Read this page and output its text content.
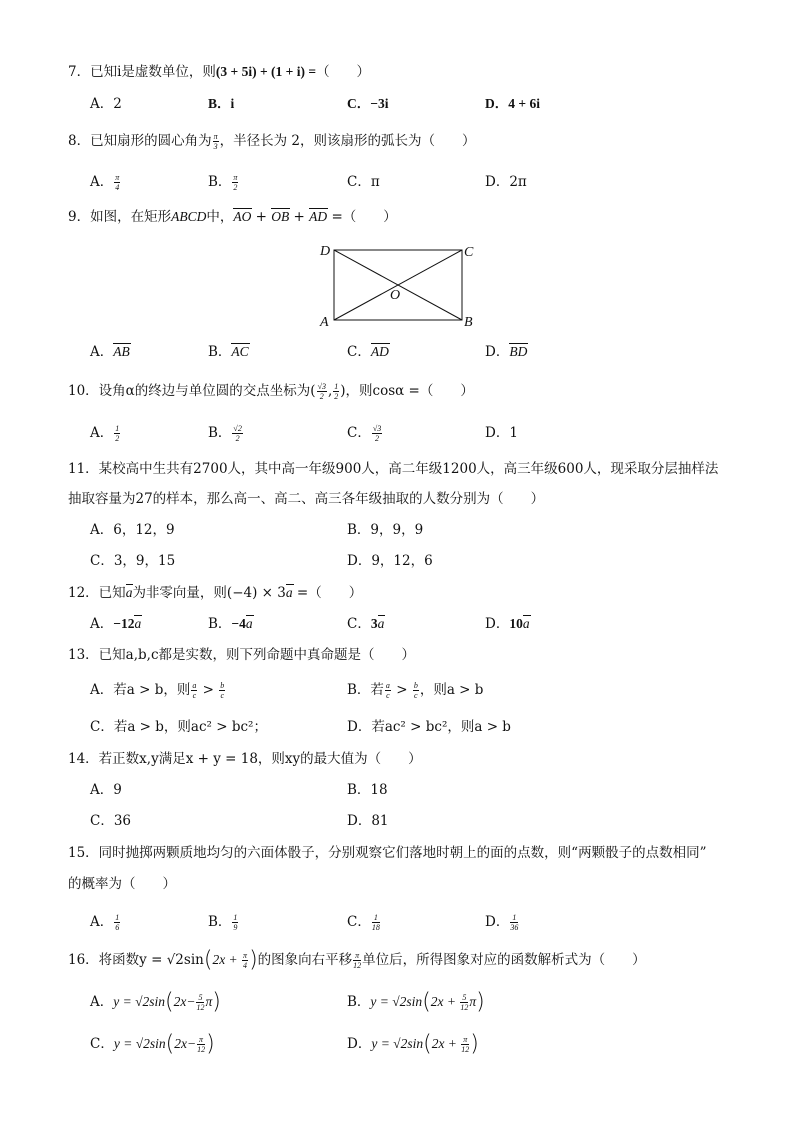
7．已知i是虚数单位，则(3 + 5i) + (1 + i) =（　　）
A．2	B．i	C．−3i	D．4 + 6i
8．已知扇形的圆心角为 $\frac{\pi}{3}$ ，半径长为 2，则该扇形的弧长为（　　）
A． $\frac{\pi}{4}$	B． $\frac{\pi}{2}$	C．π	D．2π
9．如图，在矩形ABCD中，AO + OB + AD =（　　）
D	C
O
A	B
A．AB	B．AC	C．AD	D．BD
10．设角α的终边与单位圆的交点坐标为( $\frac{√3}{2}$ , $\frac{1}{2}$ )，则cosα =（　　）
A． $\frac{1}{2}$	B． $\frac{√2}{2}$	C． $\frac{√3}{2}$	D．1
11．某校高中生共有2700人，其中高一年级900人，高二年级1200人，高三年级600人，现采取分层抽样法
抽取容量为27的样本，那么高一、高二、高三各年级抽取的人数分别为（　　）
A．6，12，9	B．9，9，9
C．3，9，15	D．9，12，6
12．已知a为非零向量，则(−4) × 3a =（　　）
A．−12a	B．−4a	C．3a	D．10a
13．已知a,b,c都是实数，则下列命题中真命题是（　　）
A．若a > b，则 $\frac{a}{c} > \frac{b}{c}$	B．若 $\frac{a}{c} > \frac{b}{c}$ ，则a > b
C．若a > b，则ac² > bc²；	D．若ac² > bc²，则a > b
14．若正数x,y满足x + y = 18，则xy的最大值为（　　）
A．9	B．18
C．36	D．81
15．同时抛掷两颗质地均匀的六面体骰子，分别观察它们落地时朝上的面的点数，则“两颗骰子的点数相同”
的概率为（　　）
A． $\frac{1}{6}$	B． $\frac{1}{9}$	C． $\frac{1}{18}$	D． $\frac{1}{36}$
16．将函数$y = √2\sin(2x + \frac{\pi}{4}$ )的图象向右平移 $\frac{\pi}{12}$ 单位后，所得图象对应的函数解析式为（　　）
A．$y = √2\sin(2x- \frac{5}{12} \pi)$	B．$y = √2\sin(2x + \frac{5}{12} \pi)$
C．$y = √2\sin(2x- \frac{\pi}{12}$ )	D．$y = √2\sin(2x + \frac{\pi}{12}$ )
